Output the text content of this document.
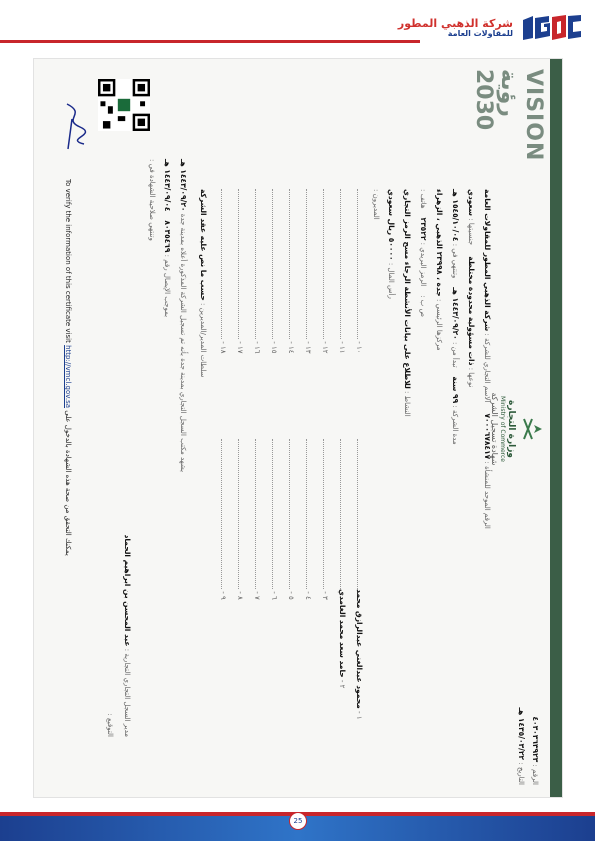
شركة الذهبي المطور
للمقاولات العامة
VISION رؤية 2030
وزارة التجارة
Ministry of Commerce
شهادة تسجيل الشركة
الرقم : ٤٠٣٠٣٦٣٩٢٣
التاريخ : ١٤٣٥/٠٣/٢٢ هـ
الرقم الموحد للمنشأة : ٧٠٠٠٦٧٨٤١٧     الاسم التجاري للشركة : شركة الذهبي المطور للمقاولات العامة
نوعها : ذات مسؤولية محدودة مختلطة     جنسيتها : سعودي
مدة الشركة : ٩٩ سنة    تبدأ من : ١٤٤٣/٠٩/٢٠ هـ    وتنتهي في : ١٥٤٥/١٠/٠٤ هـ
مركزها الرئيسي : جدة ، ٢٣٩٩٨ الذهبي ، الزهراء
ص ب :    الرمز البريدي : ٢٣٥٢٢    هاتف :
النشاط : للاطلاع على بيانات الأنشطة الرجاء مسح الرمز التجاري
رأس المال : ٥٠٠٠٠ ريال سعودي
المديرون :
١ - محمود عبدالغني عبدالرازق محمد
٢ - حامد سعد محمد الغامدي
٣ -
٤ -
٥ -
٦ -
٧ -
٨ -
٩ -
١٠ -
١١ -
١٢ -
١٣ -
١٤ -
١٥ -
١٦ -
١٧ -
١٨ -
سلطات المدير/المديرين : حسب ما نص عليه عقد الشركة
يشهد مكتب السجل التجاري بمدينة جدة بأنه تم تسجيل الشركة المذكورة أعلاه بمدينة جدة ١٤٤٣/٠٩/٢٠ هـ
بموجب الإيصال رقم : ٨٠٣٥٤٦٩    ١٤٤٣/٠٩/٠٤ هـ
وتنتهي صلاحية الشهادة في :
مدير السجل التجاري التجارية : عبد المحسن بن ابراهيم الحماد
التوقيع :
To verify the information of this certificate visit http://vmcl.gov.sa يمكنك التحقق من صحة هذه الشهادة بالدخول على
25
